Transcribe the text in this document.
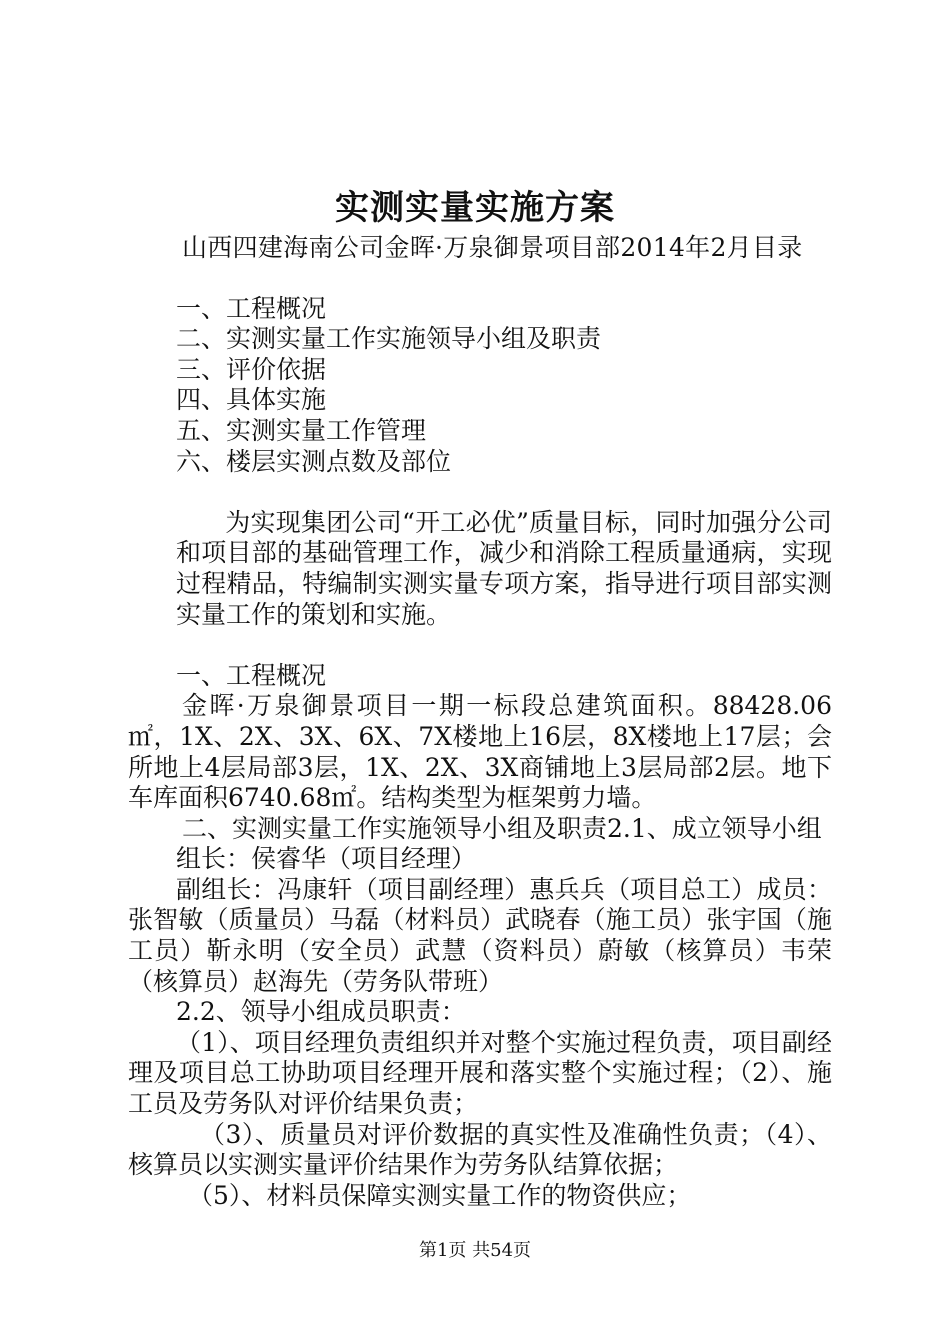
实测实量实施方案
山西四建海南公司金晖·万泉御景项目部2014年2月目录
一、工程概况
二、实测实量工作实施领导小组及职责
三、评价依据
四、具体实施
五、实测实量工作管理
六、楼层实测点数及部位

为实现集团公司“开工必优”质量目标，同时加强分公司和项目部的基础管理工作，减少和消除工程质量通病，实现过程精品，特编制实测实量专项方案，指导进行项目部实测实量工作的策划和实施。

一、工程概况
金晖·万泉御景项目一期一标段总建筑面积。88428.06㎡，1X、2X、3X、6X、7X楼地上16层，8X楼地上17层；会所地上4层局部3层，1X、2X、3X商铺地上3层局部2层。地下车库面积6740.68㎡。结构类型为框架剪力墙。
二、实测实量工作实施领导小组及职责2.1、成立领导小组
组长：侯睿华（项目经理）
副组长：冯康轩（项目副经理）惠兵兵（项目总工）成员：张智敏（质量员）马磊（材料员）武晓春（施工员）张宇国（施工员）靳永明（安全员）武慧（资料员）蔚敏（核算员）韦荣（核算员）赵海先（劳务队带班）
2.2、领导小组成员职责：
（1）、项目经理负责组织并对整个实施过程负责，项目副经理及项目总工协助项目经理开展和落实整个实施过程；（2）、施工员及劳务队对评价结果负责；
（3）、质量员对评价数据的真实性及准确性负责；（4）、核算员以实测实量评价结果作为劳务队结算依据；
（5）、材料员保障实测实量工作的物资供应；
第1页 共54页
